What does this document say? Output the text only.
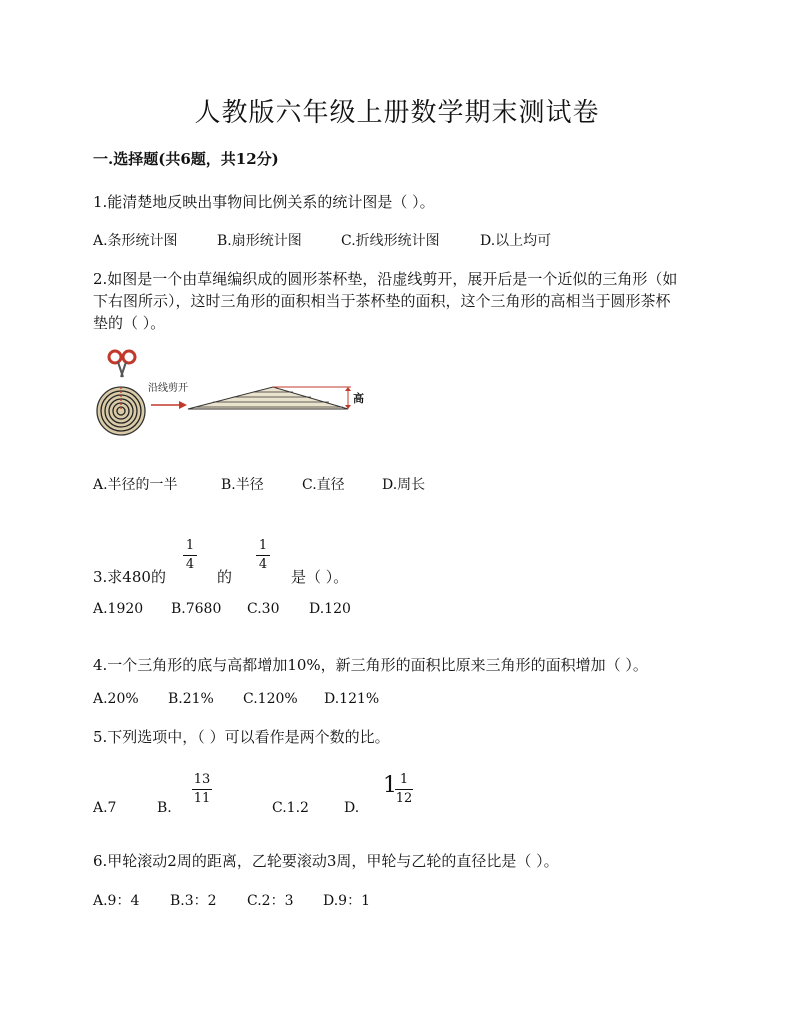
人教版六年级上册数学期末测试卷
一.选择题(共6题，共12分)
1.能清楚地反映出事物间比例关系的统计图是（ ）。
A.条形统计图	B.扇形统计图	C.折线形统计图	D.以上均可
2.如图是一个由草绳编织成的圆形茶杯垫，沿虚线剪开，展开后是一个近似的三角形（如
下右图所示），这时三角形的面积相当于茶杯垫的面积，这个三角形的高相当于圆形茶杯
垫的（ ）。
沿线剪开
高
A.半径的一半	B.半径	C.直径	D.周长
3.求480的
1
4
的
1
4
是（ ）。
A.1920 B.7680 C.30 D.120
4.一个三角形的底与高都增加10%，新三角形的面积比原来三角形的面积增加（ ）。
A.20% B.21% C.120% D.121%
5.下列选项中，（ ）可以看作是两个数的比。
A.7	B.
13
11
C.1.2	D.
1 1
12
6.甲轮滚动2周的距离，乙轮要滚动3周，甲轮与乙轮的直径比是（ ）。
A.9：4 B.3：2 C.2：3 D.9：1
